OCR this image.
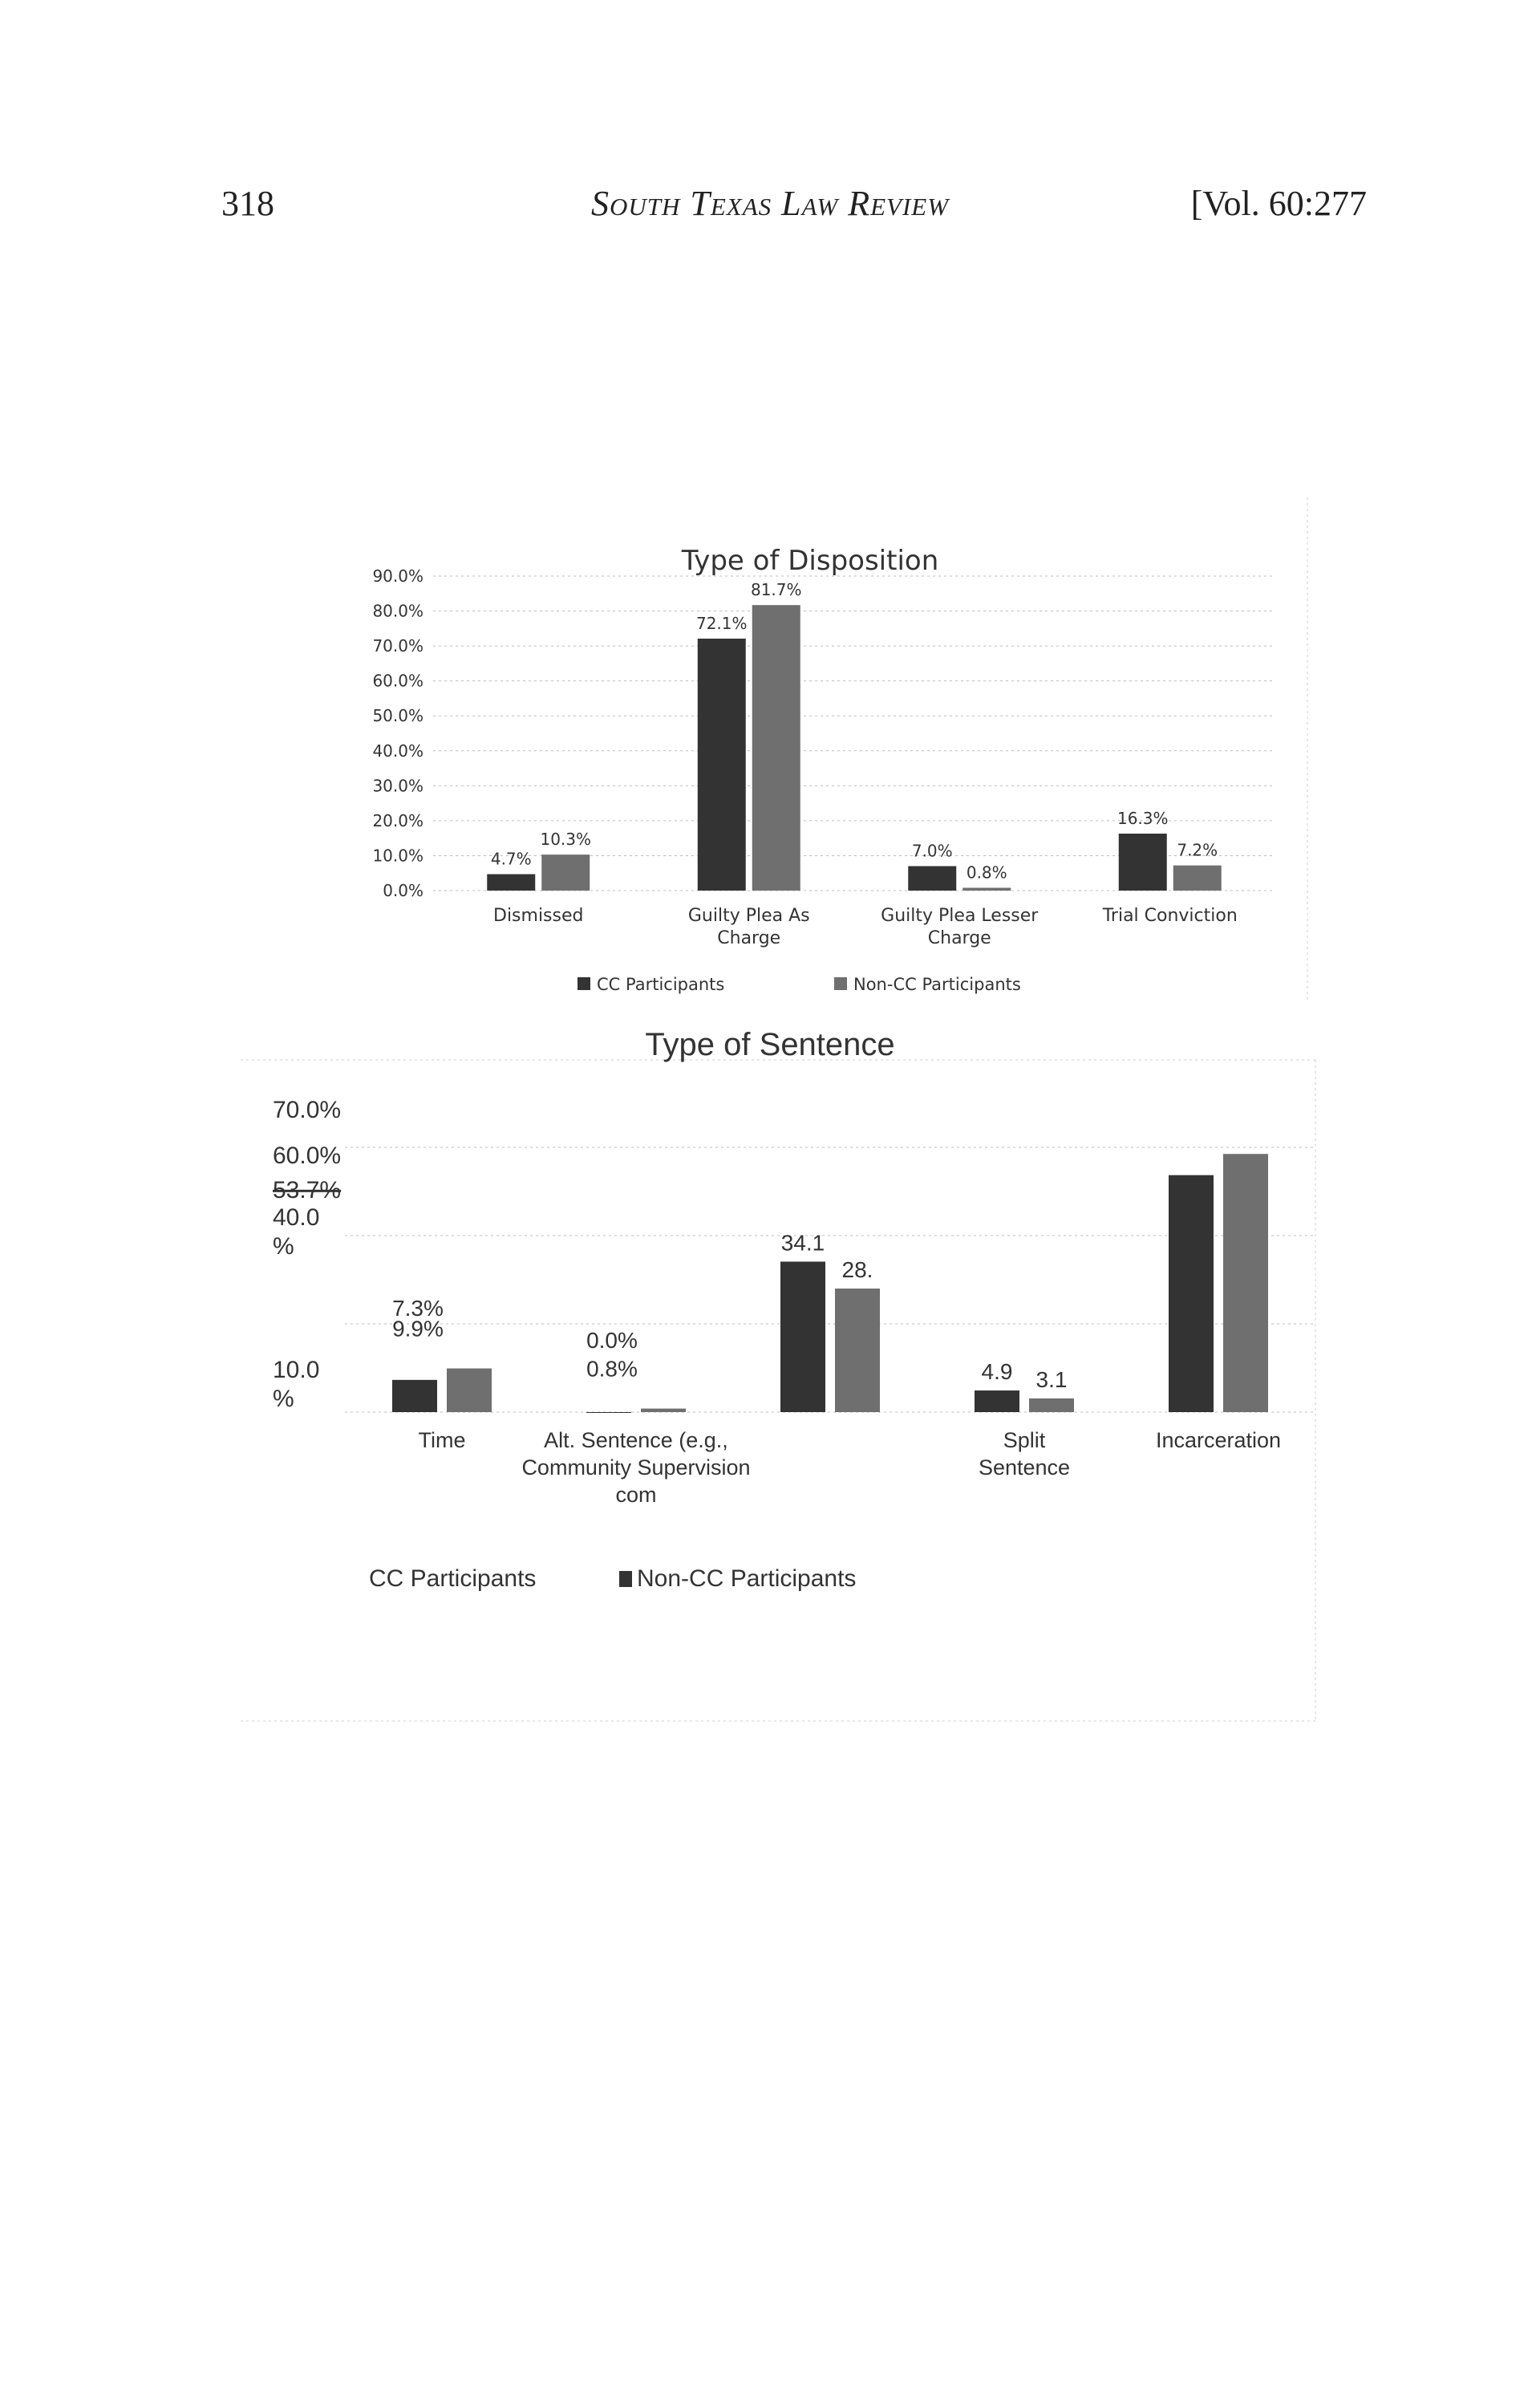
318	South Texas Law Review	[Vol. 60:277
Type of Disposition
0.0%
10.0%
20.0%
30.0%
40.0%
50.0%
60.0%
70.0%
80.0%
90.0%
4.7%
10.3%
72.1%
81.7%
7.0%
0.8%
16.3%
7.2%
Dismissed	Guilty Plea As
Charge
Guilty Plea Lesser
Charge
Trial Conviction
CC Participants	Non-CC Participants
Type of Sentence
70.0%
60.0%
53.7%
40.0
%
10.0
%
7.3%
9.9%	0.0%
0.8%
34.1
28.
4.9 3.1
Time	Alt. Sentence (e.g.,
Community Supervision
com
Split
Sentence
Incarceration
CC Participants	Non-CC Participants
